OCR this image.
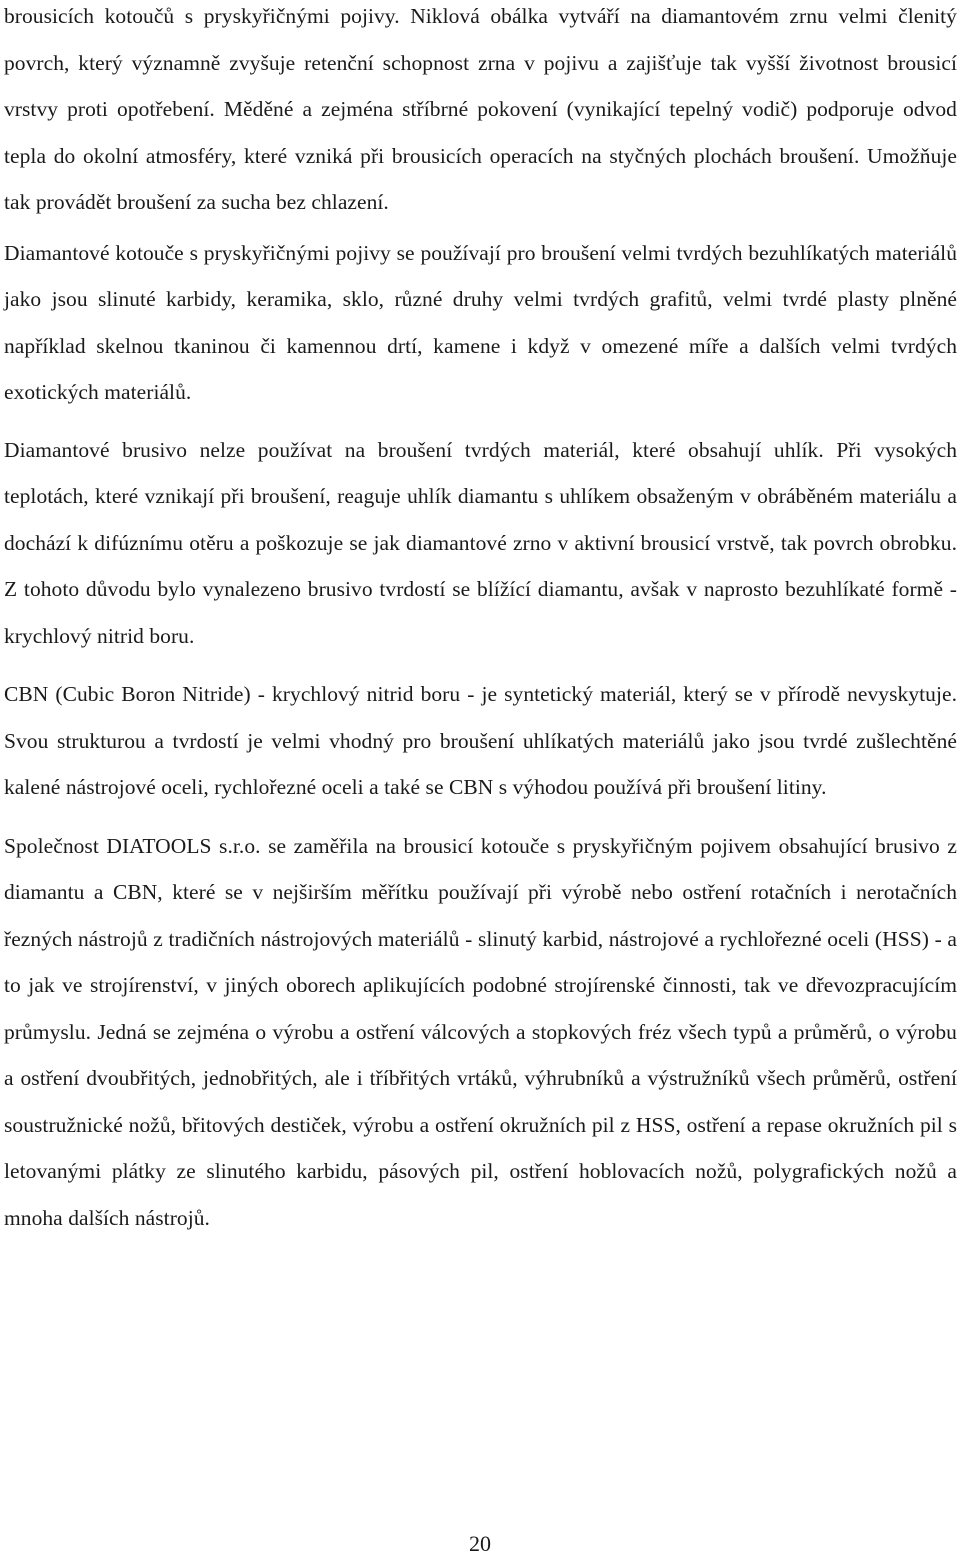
brousicích kotoučů s pryskyřičnými pojivy. Niklová obálka vytváří na diamantovém zrnu velmi členitý povrch, který významně zvyšuje retenční schopnost zrna v pojivu a zajišťuje tak vyšší životnost brousicí vrstvy proti opotřebení. Měděné a zejména stříbrné pokovení (vynikající tepelný vodič) podporuje odvod tepla do okolní atmosféry, které vzniká při brousicích operacích na styčných plochách broušení. Umožňuje tak provádět broušení za sucha bez chlazení.

Diamantové kotouče s pryskyřičnými pojivy se používají pro broušení velmi tvrdých bezuhlíkatých materiálů jako jsou slinuté karbidy, keramika, sklo, různé druhy velmi tvrdých grafitů, velmi tvrdé plasty plněné například skelnou tkaninou či kamennou drtí, kamene i když v omezené míře a dalších velmi tvrdých exotických materiálů.

Diamantové brusivo nelze používat na broušení tvrdých materiál, které obsahují uhlík. Při vysokých teplotách, které vznikají při broušení, reaguje uhlík diamantu s uhlíkem obsaženým v obráběném materiálu a dochází k difúznímu otěru a poškozuje se jak diamantové zrno v aktivní brousicí vrstvě, tak povrch obrobku. Z tohoto důvodu bylo vynalezeno brusivo tvrdostí se blížící diamantu, avšak v naprosto bezuhlíkaté formě - krychlový nitrid boru.

CBN (Cubic Boron Nitride) - krychlový nitrid boru - je syntetický materiál, který se v přírodě nevyskytuje. Svou strukturou a tvrdostí je velmi vhodný pro broušení uhlíkatých materiálů jako jsou tvrdé zušlechtěné kalené nástrojové oceli, rychlořezné oceli a také se CBN s výhodou používá při broušení litiny.

Společnost DIATOOLS s.r.o. se zaměřila na brousicí kotouče s pryskyřičným pojivem obsahující brusivo z diamantu a CBN, které se v nejširším měřítku používají při výrobě nebo ostření rotačních i nerotačních řezných nástrojů z tradičních nástrojových materiálů - slinutý karbid, nástrojové a rychlořezné oceli (HSS) - a to jak ve strojírenství, v jiných oborech aplikujících podobné strojírenské činnosti, tak ve dřevozpracujícím průmyslu. Jedná se zejména o výrobu a ostření válcových a stopkových fréz všech typů a průměrů, o výrobu a ostření dvoubřitých, jednobřitých, ale i tříbřitých vrtáků, výhrubníků a výstružníků všech průměrů, ostření soustružnické nožů, břitových destiček, výrobu a ostření okružních pil z HSS, ostření a repase okružních pil s letovanými plátky ze slinutého karbidu, pásových pil, ostření hoblovacích nožů, polygrafických nožů a mnoha dalších nástrojů.

20
